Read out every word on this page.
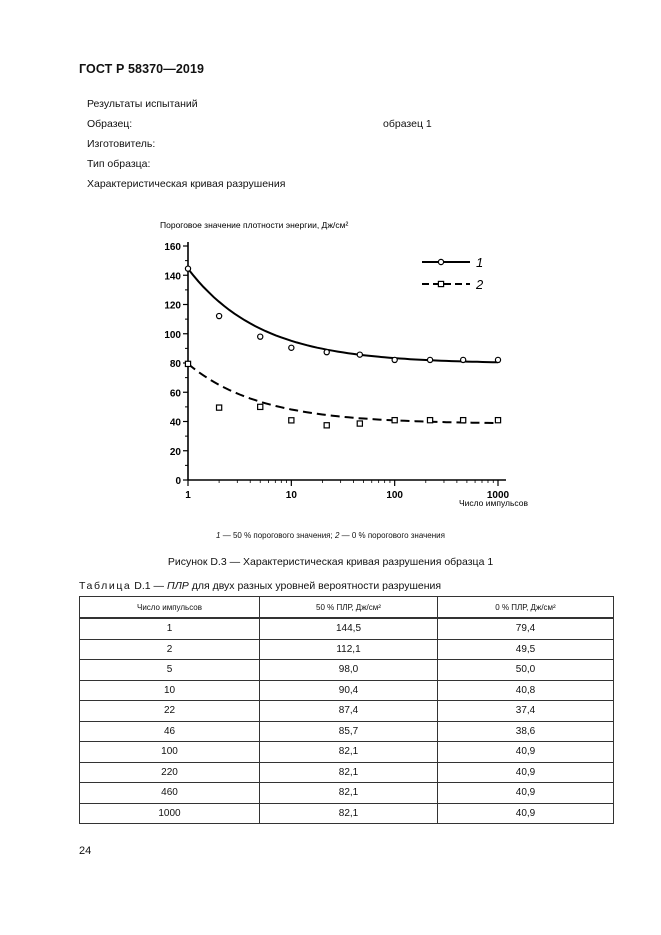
ГОСТ Р 58370—2019
Результаты испытаний
Образец:	образец 1
Изготовитель:
Тип образца:
Характеристическая кривая разрушения
0
20
40
60
80
100
120
140
160
1	10	100	1000
Пороговое значение плотности энергии, Дж/см²
Число импульсов
1
2
1 — 50 % порогового значения; 2 — 0 % порогового значения
Рисунок D.3 — Характеристическая кривая разрушения образца 1
Таблица D.1 — ПЛР для двух разных уровней вероятности разрушения
Число импульсов	50 % ПЛР, Дж/см²	0 % ПЛР, Дж/см²
1	144,5	79,4
2	112,1	49,5
5	98,0	50,0
10	90,4	40,8
22	87,4	37,4
46	85,7	38,6
100	82,1	40,9
220	82,1	40,9
460	82,1	40,9
1000	82,1	40,9
24
